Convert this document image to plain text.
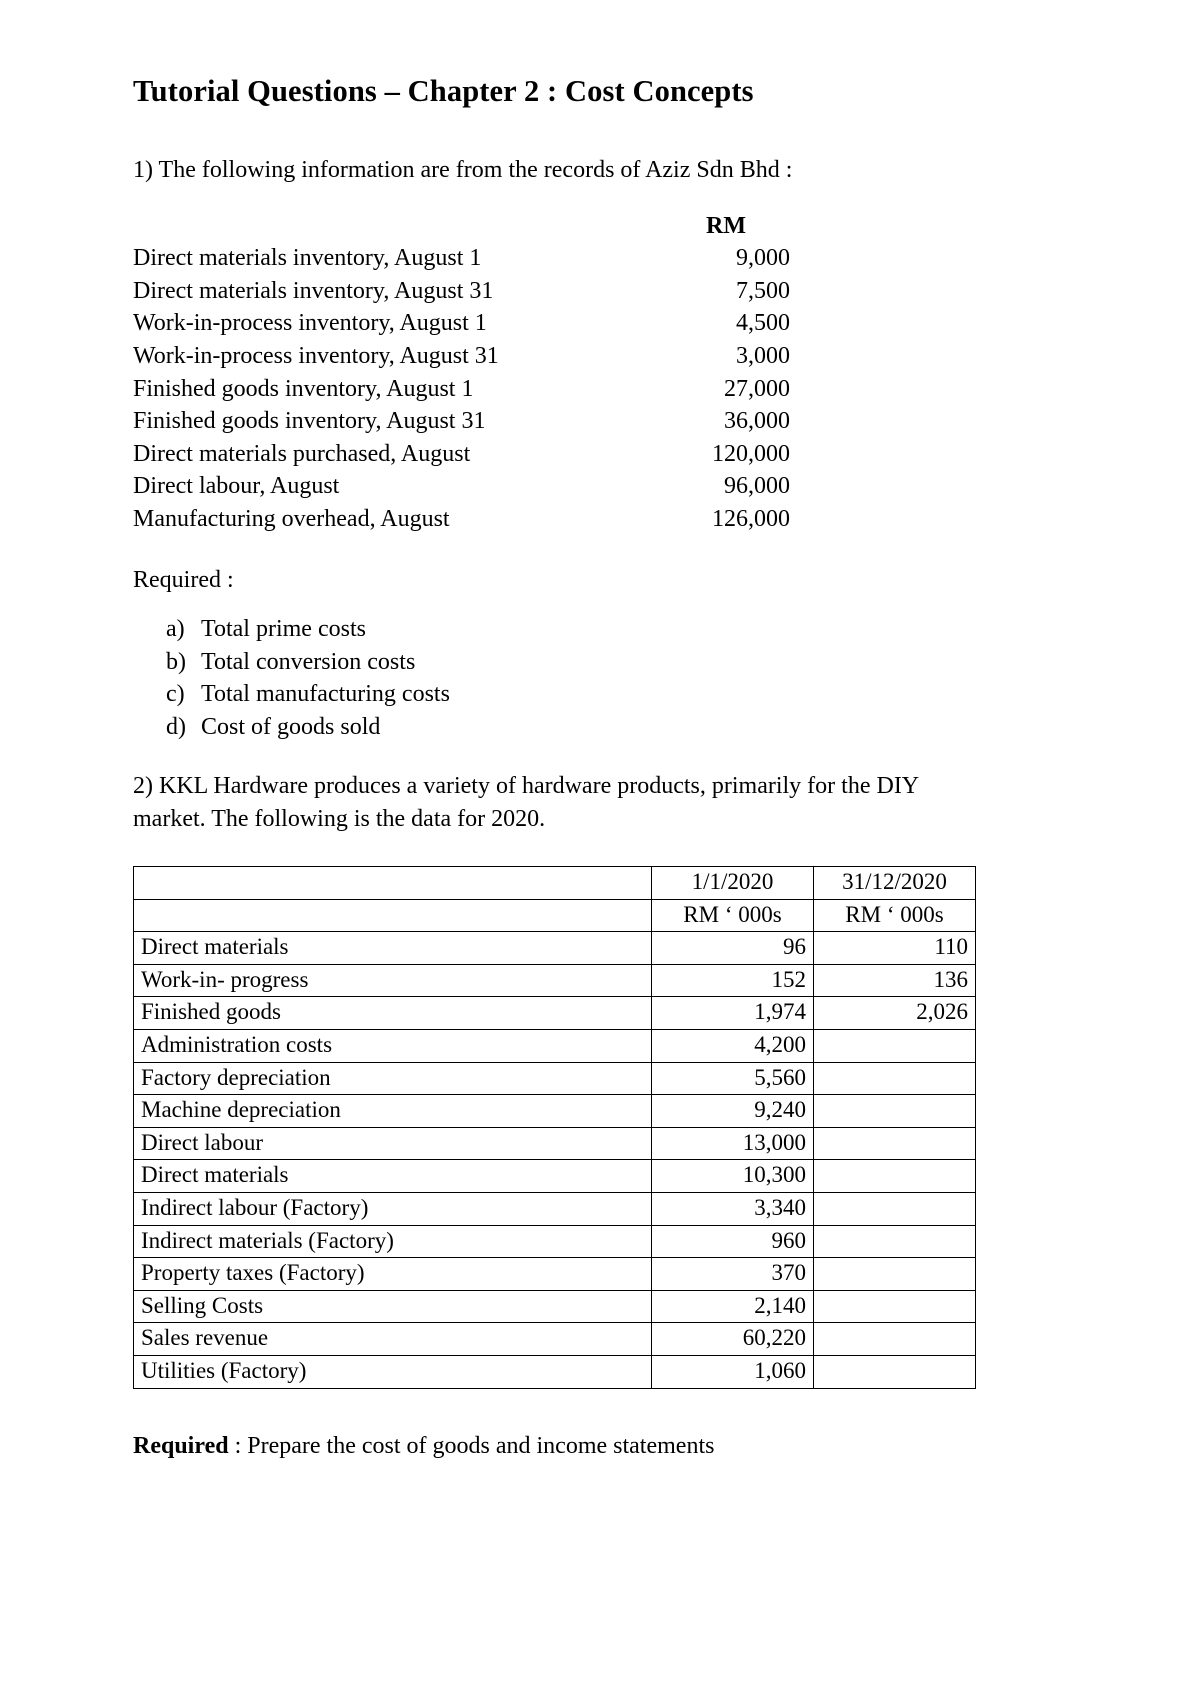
Tutorial Questions – Chapter 2 : Cost Concepts

1) The following information are from the records of Aziz Sdn Bhd :

RM
Direct materials inventory, August 1	9,000
Direct materials inventory, August 31	7,500
Work-in-process inventory, August 1	4,500
Work-in-process inventory, August 31	3,000
Finished goods inventory, August 1	27,000
Finished goods inventory, August 31	36,000
Direct materials purchased, August	120,000
Direct labour, August	96,000
Manufacturing overhead, August	126,000

Required :

a) Total prime costs
b) Total conversion costs
c) Total manufacturing costs
d) Cost of goods sold

2) KKL Hardware produces a variety of hardware products, primarily for the DIY market. The following is the data for 2020.

	1/1/2020	31/12/2020
	RM ‘ 000s	RM ‘ 000s
Direct materials	96	110
Work-in- progress	152	136
Finished goods	1,974	2,026
Administration costs	4,200	
Factory depreciation	5,560	
Machine depreciation	9,240	
Direct labour	13,000	
Direct materials	10,300	
Indirect labour (Factory)	3,340	
Indirect materials (Factory)	960	
Property taxes (Factory)	370	
Selling Costs	2,140	
Sales revenue	60,220	
Utilities (Factory)	1,060	

Required : Prepare the cost of goods and income statements
